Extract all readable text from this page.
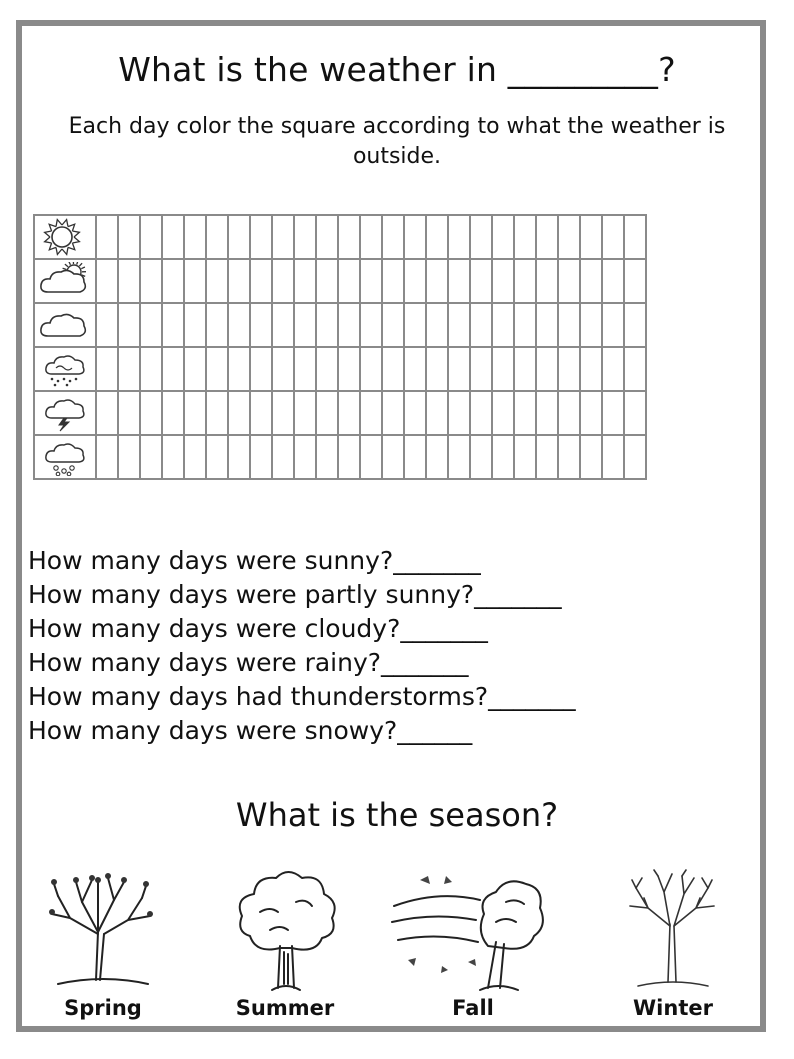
What is the weather in _________?

Each day color the square according to what the weather is outside.

How many days were sunny?_______
How many days were partly sunny?_______
How many days were cloudy?_______
How many days were rainy?_______
How many days had thunderstorms?_______
How many days were snowy?______
What is the season?
Spring	Summer	Fall	Winter
